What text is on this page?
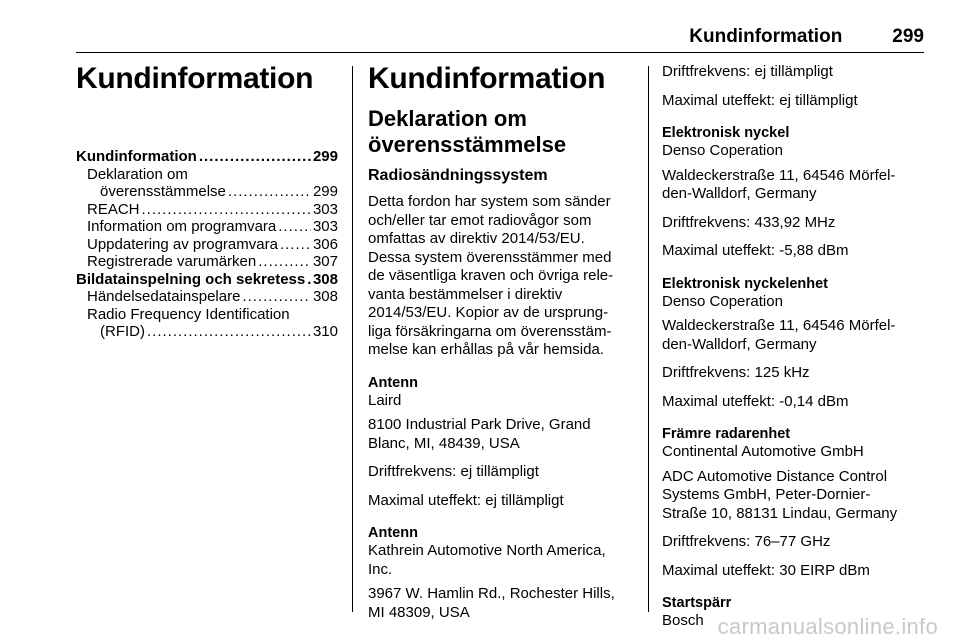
Kundinformation	299
Kundinformation
Kundinformation .....	299
Deklaration om
överensstämmelse .....	299
REACH .....	303
Information om programvara ..... 303
Uppdatering av programvara ..... 306
Registrerade varumärken .....	307
Bildatainspelning och sekretess ..... 308
Händelsedatainspelare .....	308
Radio Frequency Identification
(RFID) .....	310
Kundinformation
Deklaration om
överensstämmelse
Radiosändningssystem

Detta fordon har system som sänder
och/eller tar emot radiovågor som
omfattas av direktiv 2014/53/EU.
Dessa system överensstämmer med
de väsentliga kraven och övriga rele-
vanta bestämmelser i direktiv
2014/53/EU. Kopior av de ursprung-
liga försäkringarna om överensstäm-
melse kan erhållas på vår hemsida.

Antenn

Laird

8100 Industrial Park Drive, Grand
Blanc, MI, 48439, USA

Driftfrekvens: ej tillämpligt

Maximal uteffekt: ej tillämpligt

Antenn

Kathrein Automotive North America,
Inc.

3967 W. Hamlin Rd., Rochester Hills,
MI 48309, USA

Driftfrekvens: ej tillämpligt

Maximal uteffekt: ej tillämpligt

Elektronisk nyckel

Denso Coperation

Waldeckerstraße 11, 64546 Mörfel-
den-Walldorf, Germany

Driftfrekvens: 433,92 MHz

Maximal uteffekt: -5,88 dBm

Elektronisk nyckelenhet

Denso Coperation

Waldeckerstraße 11, 64546 Mörfel-
den-Walldorf, Germany

Driftfrekvens: 125 kHz

Maximal uteffekt: -0,14 dBm

Främre radarenhet

Continental Automotive GmbH

ADC Automotive Distance Control
Systems GmbH, Peter-Dornier-
Straße 10, 88131 Lindau, Germany

Driftfrekvens: 76–77 GHz

Maximal uteffekt: 30 EIRP dBm

Startspärr

Bosch carmanualsonline.info
